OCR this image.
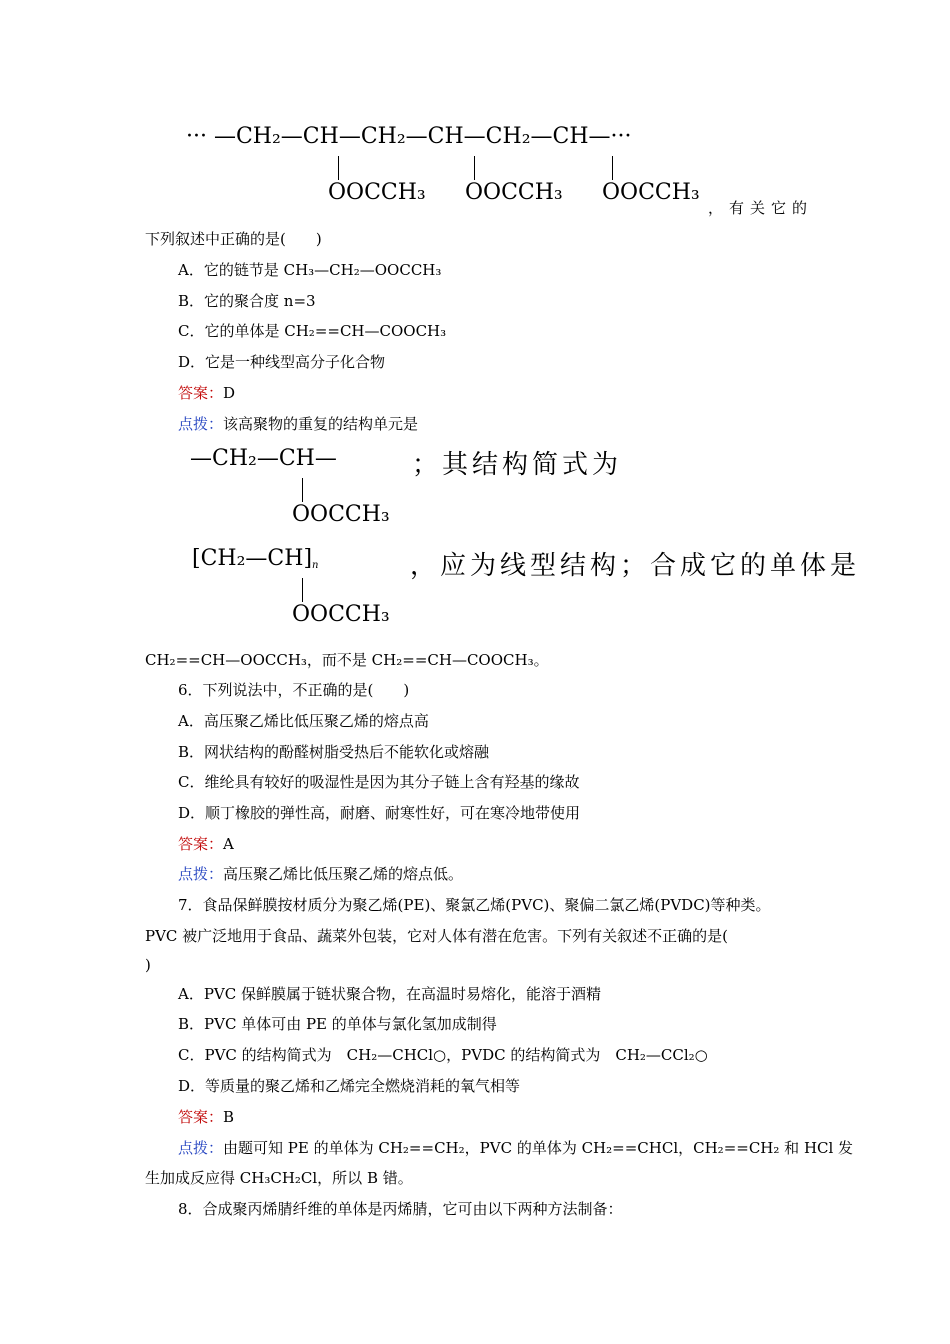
··· —CH₂—CH—CH₂—CH—CH₂—CH—···
OOCCH₃ OOCCH₃ OOCCH₃
，有关它的
下列叙述中正确的是(　　)
A．它的链节是 CH₃—CH₂—OOCCH₃
B．它的聚合度 n=3
C．它的单体是 CH₂==CH—COOCH₃
D．它是一种线型高分子化合物
答案：D
点拨：该高聚物的重复的结构单元是
—CH₂—CH—
OOCCH₃
；其结构简式为
[CH₂—CH]n
OOCCH₃
，应为线型结构；合成它的单体是
CH₂==CH—OOCCH₃，而不是 CH₂==CH—COOCH₃。
6．下列说法中，不正确的是(　　)
A．高压聚乙烯比低压聚乙烯的熔点高
B．网状结构的酚醛树脂受热后不能软化或熔融
C．维纶具有较好的吸湿性是因为其分子链上含有羟基的缘故
D．顺丁橡胶的弹性高，耐磨、耐寒性好，可在寒冷地带使用
答案：A
点拨：高压聚乙烯比低压聚乙烯的熔点低。
7．食品保鲜膜按材质分为聚乙烯(PE)、聚氯乙烯(PVC)、聚偏二氯乙烯(PVDC)等种类。
PVC 被广泛地用于食品、蔬菜外包装，它对人体有潜在危害。下列有关叙述不正确的是(
)
A．PVC 保鲜膜属于链状聚合物，在高温时易熔化，能溶于酒精
B．PVC 单体可由 PE 的单体与氯化氢加成制得
C．PVC 的结构简式为　CH₂—CHCl○，PVDC 的结构简式为　CH₂—CCl₂○
D．等质量的聚乙烯和乙烯完全燃烧消耗的氧气相等
答案：B
点拨：由题可知 PE 的单体为 CH₂==CH₂，PVC 的单体为 CH₂==CHCl，CH₂==CH₂ 和 HCl 发
生加成反应得 CH₃CH₂Cl，所以 B 错。
8．合成聚丙烯腈纤维的单体是丙烯腈，它可由以下两种方法制备：
